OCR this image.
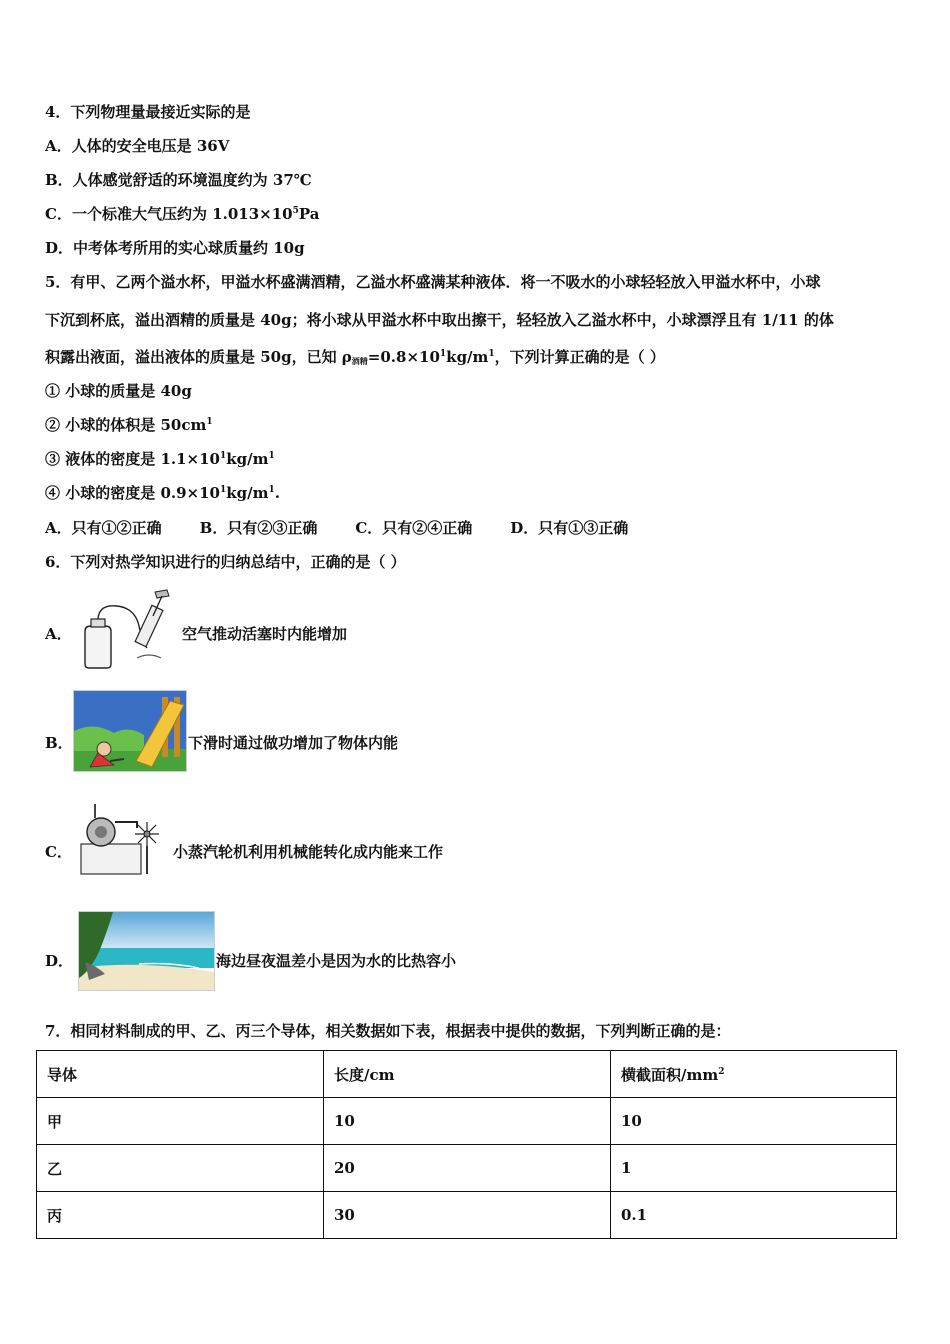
4．下列物理量最接近实际的是
A．人体的安全电压是 36V
B．人体感觉舒适的环境温度约为 37℃
C．一个标准大气压约为 $1.013\times 10^5Pa$
D．中考体考所用的实心球质量约 10g
5．有甲、乙两个溢水杯，甲溢水杯盛满酒精，乙溢水杯盛满某种液体．将一不吸水的小球轻轻放入甲溢水杯中，小球
下沉到杯底，溢出酒精的质量是 40g；将小球从甲溢水杯中取出擦干，轻轻放入乙溢水杯中，小球漂浮且有 1/11 的体
积露出液面，溢出液体的质量是 50g，已知 $\rho_{酒精}=0.8\times 10^1kg/m^1$，下列计算正确的是（ ）
① 小球的质量是 40g
② 小球的体积是 $50cm^1$
③ 液体的密度是 $1.1\times 10^1kg/m^1$
④ 小球的密度是 $0.9\times 10^1kg/m^1$.
A．只有①②正确	B．只有②③正确	C．只有②④正确	D．只有①③正确
6．下列对热学知识进行的归纳总结中，正确的是（ ）
A．	空气推动活塞时内能增加
B．	下滑时通过做功增加了物体内能
C．	小蒸汽轮机利用机械能转化成内能来工作
D．	海边昼夜温差小是因为水的比热容小
7．相同材料制成的甲、乙、丙三个导体，相关数据如下表，根据表中提供的数据，下列判断正确的是：
导体	长度/cm	横截面积$/mm^2$
甲	10	10
乙	20	1
丙	30	0.1
